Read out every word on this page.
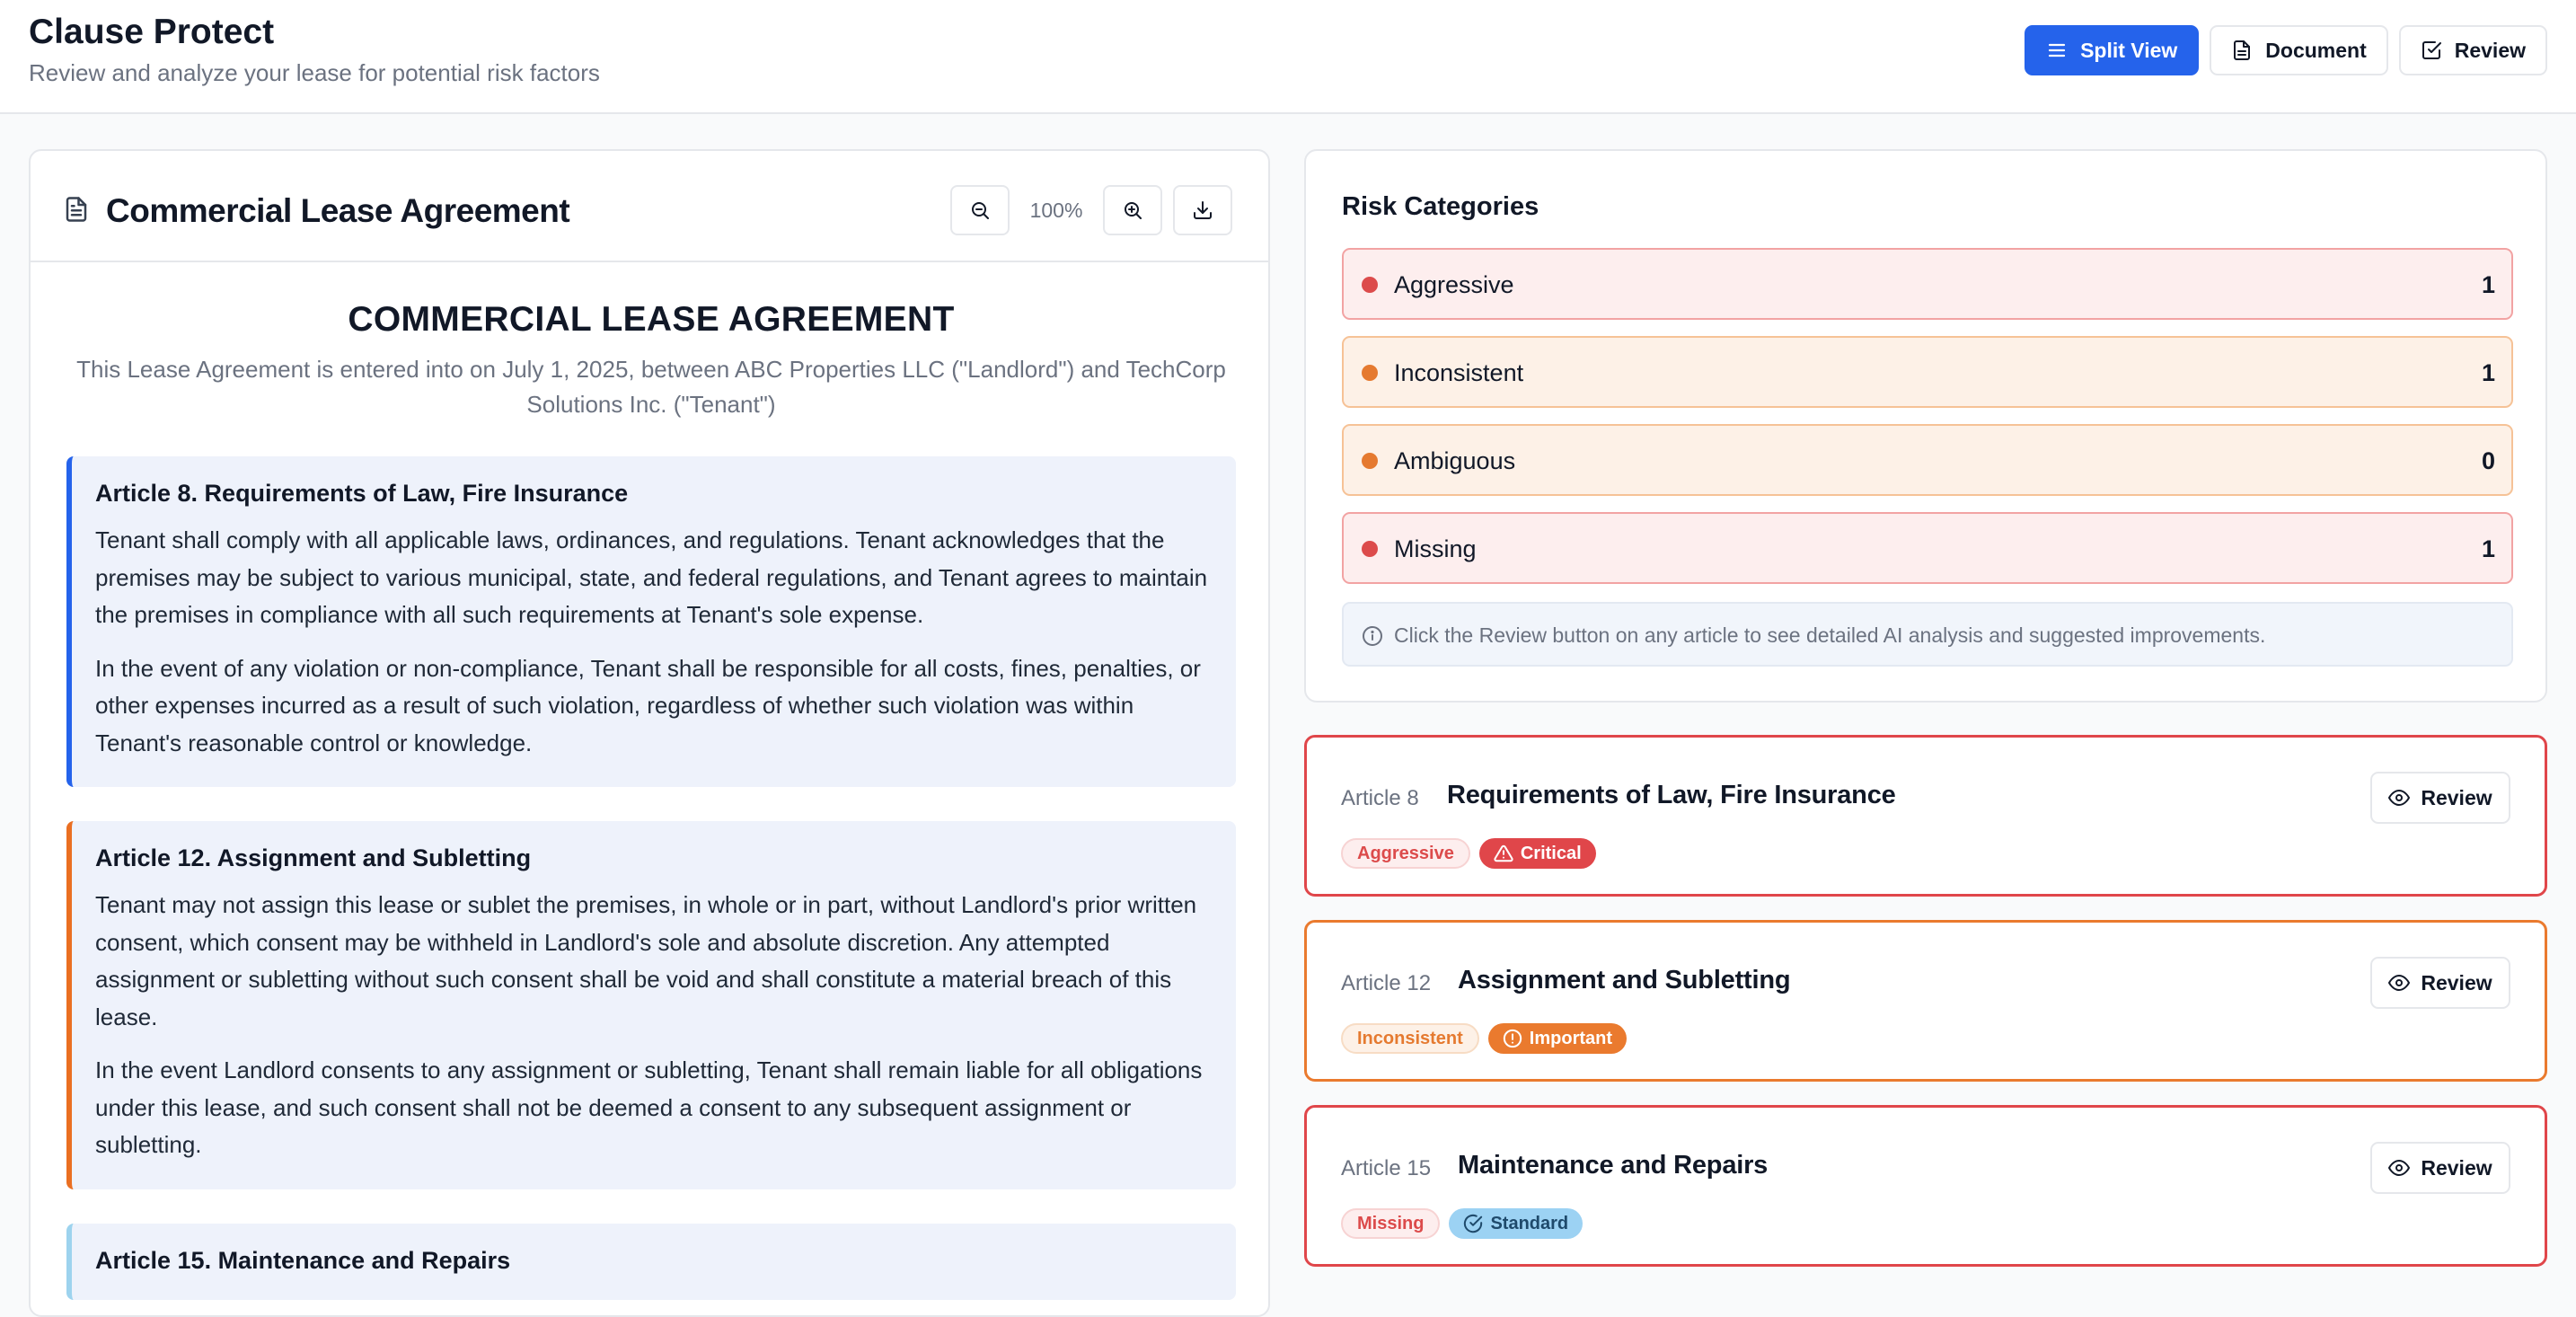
Clause Protect
Review and analyze your lease for potential risk factors
Split View	Document	Review
Commercial Lease Agreement	100%
COMMERCIAL LEASE AGREEMENT
This Lease Agreement is entered into on July 1, 2025, between ABC Properties LLC ("Landlord") and TechCorp Solutions Inc. ("Tenant")
Article 8. Requirements of Law, Fire Insurance

Tenant shall comply with all applicable laws, ordinances, and regulations. Tenant acknowledges that the premises may be subject to various municipal, state, and federal regulations, and Tenant agrees to maintain the premises in compliance with all such requirements at Tenant's sole expense.

In the event of any violation or non-compliance, Tenant shall be responsible for all costs, fines, penalties, or other expenses incurred as a result of such violation, regardless of whether such violation was within Tenant's reasonable control or knowledge.

Article 12. Assignment and Subletting

Tenant may not assign this lease or sublet the premises, in whole or in part, without Landlord's prior written consent, which consent may be withheld in Landlord's sole and absolute discretion. Any attempted assignment or subletting without such consent shall be void and shall constitute a material breach of this lease.

In the event Landlord consents to any assignment or subletting, Tenant shall remain liable for all obligations under this lease, and such consent shall not be deemed a consent to any subsequent assignment or subletting.

Article 15. Maintenance and Repairs
Risk Categories
Aggressive	1
Inconsistent	1
Ambiguous	0
Missing	1
Click the Review button on any article to see detailed AI analysis and suggested improvements.
Article 8 Requirements of Law, Fire Insurance
Aggressive	Critical
Review
Article 12 Assignment and Subletting
Inconsistent	Important
Review
Article 15 Maintenance and Repairs
Missing	Standard
Review
